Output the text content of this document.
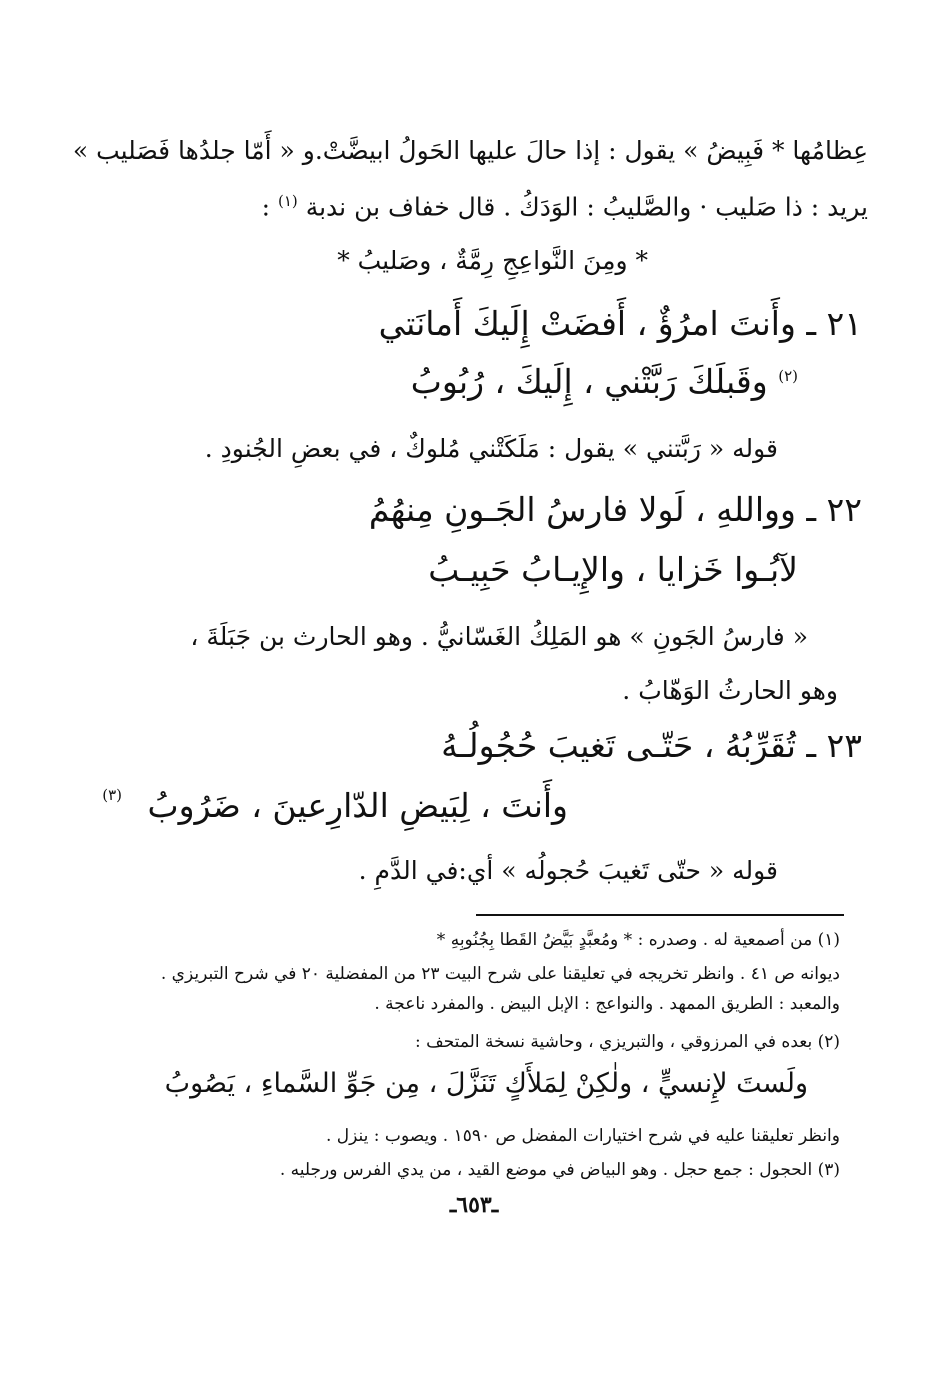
عِظامُها * فَبِيضُ » يقول : إذا حالَ عليها الحَولُ ابيضَّتْ.و « أَمّا جلدُها فَصَليب »
يريد : ذا صَليب · والصَّليبُ : الوَدَكُ . قال خفاف بن ندبة $^{(١)}$ :
* ومِنَ النَّواعِجِ رِمَّةٌ ، وصَليبُ *
٢١ ـ وأَنتَ امرُؤٌ ، أَفضَتْ إِلَيكَ أَمانَتي
$^{(٢)}$ وقَبلَكَ رَبَّتْني ، إِلَيكَ ، رُبُوبُ
قوله « رَبَّتني » يقول : مَلَكَتْني مُلوكٌ ، في بعضِ الجُنودِ .
٢٢ ـ وواللهِ ، لَولا فارسُ الجَـونِ مِنهُمُ
لآبُـوا خَزايا ، والإِيـابُ حَبِيـبُ
« فارسُ الجَونِ » هو المَلِكُ الغَسّانيُّ . وهو الحارث بن جَبَلَةَ ،
وهو الحارثُ الوَهّابُ .
٢٣ ـ تُقَرِّبُهُ ، حَتّـى تَغيبَ حُجُولُـهُ
وأَنتَ ، لِبَيضِ الدّارِعينَ ، ضَرُوبُ
(٣)
قوله « حتّى تَغيبَ حُجولُه » أي:في الدَّمِ .
(١) من أصمعية له . وصدره : * ومُعبَّدٍ بَيَّضُ القَطا بِجُنُوبِهِ *
ديوانه ص ٤١ . وانظر تخريجه في تعليقنا على شرح البيت ٢٣ من المفضلية ٢٠ في شرح التبريزي .
والمعبد : الطريق الممهد . والنواعج : الإبل البيض . والمفرد ناعجة .
(٢) بعده في المرزوقي ، والتبريزي ، وحاشية نسخة المتحف :
ولَستَ لإِنسيٍّ ، ولٰكِنْ لِمَلأَكٍ تَنَزَّلَ ، مِن جَوِّ السَّماءِ ، يَصُوبُ
وانظر تعليقنا عليه في شرح اختيارات المفضل ص ١٥٩٠ . ويصوب : ينزل .
(٣) الحجول : جمع حجل . وهو البياض في موضع القيد ، من يدي الفرس ورجليه .
ـ٦٥٣ـ
